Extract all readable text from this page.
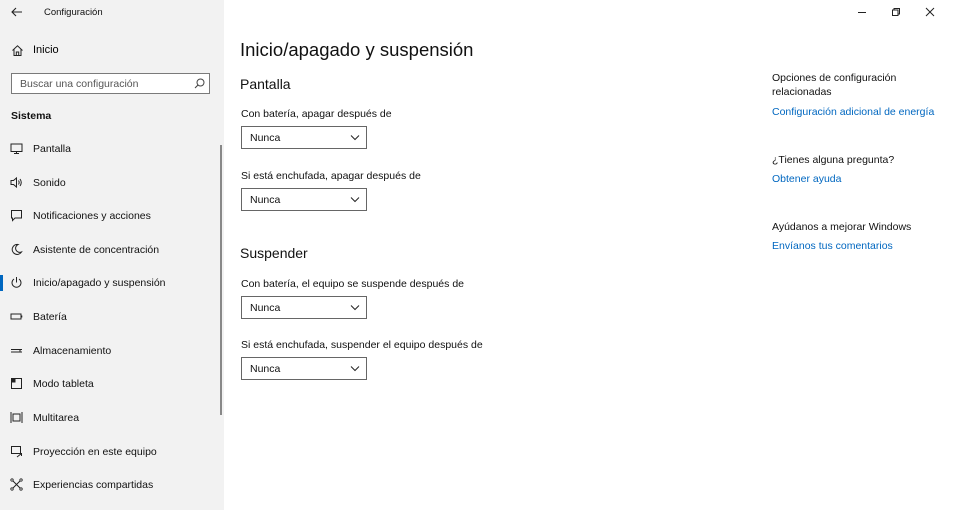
Configuración
Inicio
Buscar una configuración
Sistema
Pantalla
Sonido
Notificaciones y acciones
Asistente de concentración
Inicio/apagado y suspensión
Batería
Almacenamiento
Modo tableta
Multitarea
Proyección en este equipo
Experiencias compartidas
Inicio/apagado y suspensión
Pantalla
Con batería, apagar después de
Nunca
Si está enchufada, apagar después de
Nunca
Suspender
Con batería, el equipo se suspende después de
Nunca
Si está enchufada, suspender el equipo después de
Nunca
Opciones de configuración relacionadas
Configuración adicional de energía
¿Tienes alguna pregunta?
Obtener ayuda
Ayúdanos a mejorar Windows
Envíanos tus comentarios
